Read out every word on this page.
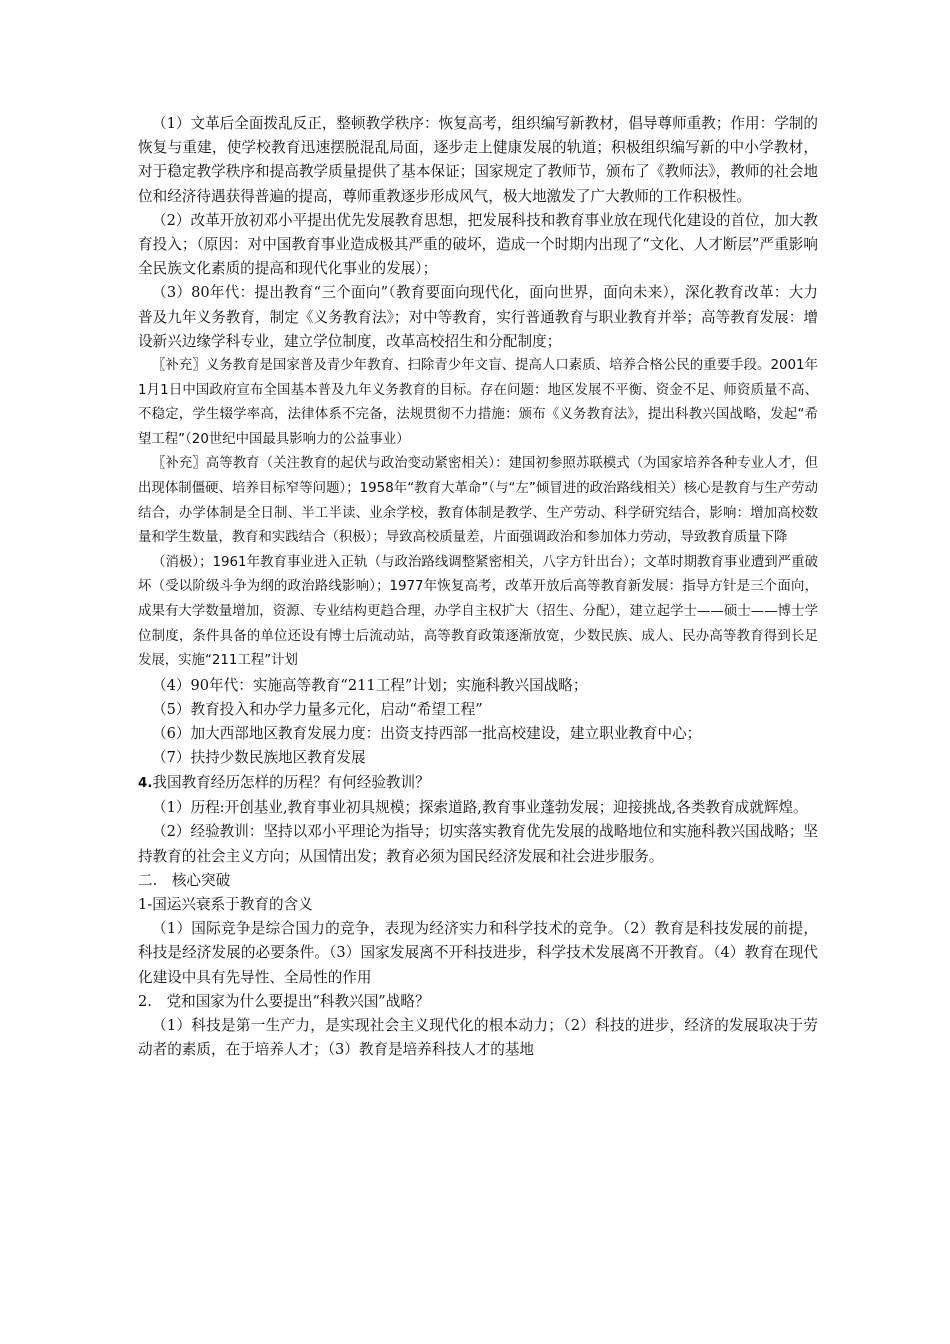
（1）文革后全面拨乱反正，整顿教学秩序：恢复高考，组织编写新教材，倡导尊师重教；作用：学制的恢复与重建，使学校教育迅速摆脱混乱局面，逐步走上健康发展的轨道；积极组织编写新的中小学教材，对于稳定教学秩序和提高教学质量提供了基本保证；国家规定了教师节，颁布了《教师法》，教师的社会地位和经济待遇获得普遍的提高，尊师重教逐步形成风气，极大地激发了广大教师的工作积极性。

（2）改革开放初邓小平提出优先发展教育思想，把发展科技和教育事业放在现代化建设的首位，加大教育投入；（原因：对中国教育事业造成极其严重的破坏，造成一个时期内出现了“文化、人才断层”严重影响全民族文化素质的提高和现代化事业的发展）；

（3）80年代：提出教育“三个面向”（教育要面向现代化，面向世界，面向未来），深化教育改革：大力普及九年义务教育，制定《义务教育法》；对中等教育，实行普通教育与职业教育并举；高等教育发展：增设新兴边缘学科专业，建立学位制度，改革高校招生和分配制度；

〖补充〗义务教育是国家普及青少年教育、扫除青少年文盲、提高人口素质、培养合格公民的重要手段。2001年1月1日中国政府宣布全国基本普及九年义务教育的目标。存在问题：地区发展不平衡、资金不足、师资质量不高、不稳定，学生辍学率高，法律体系不完备，法规贯彻不力措施：颁布《义务教育法》，提出科教兴国战略，发起“希望工程”（20世纪中国最具影响力的公益事业）

〖补充〗高等教育（关注教育的起伏与政治变动紧密相关）：建国初参照苏联模式（为国家培养各种专业人才，但出现体制僵硬、培养目标窄等问题）；1958年“教育大革命”（与“左”倾冒进的政治路线相关）核心是教育与生产劳动结合，办学体制是全日制、半工半读、业余学校，教育体制是教学、生产劳动、科学研究结合，影响：增加高校数量和学生数量，教育和实践结合（积极）；导致高校质量差，片面强调政治和参加体力劳动，导致教育质量下降

（消极）；1961年教育事业进入正轨（与政治路线调整紧密相关，八字方针出台）；文革时期教育事业遭到严重破坏（受以阶级斗争为纲的政治路线影响）；1977年恢复高考，改革开放后高等教育新发展：指导方针是三个面向，成果有大学数量增加，资源、专业结构更趋合理，办学自主权扩大（招生、分配），建立起学士——硕士——博士学位制度，条件具备的单位还设有博士后流动站，高等教育政策逐渐放宽，少数民族、成人、民办高等教育得到长足发展，实施“211工程”计划

（4）90年代：实施高等教育“211工程”计划；实施科教兴国战略；

（5）教育投入和办学力量多元化，启动“希望工程”

（6）加大西部地区教育发展力度：出资支持西部一批高校建设，建立职业教育中心；

（7）扶持少数民族地区教育发展

4.我国教育经历怎样的历程？有何经验教训？

（1）历程:开创基业,教育事业初具规模；探索道路,教育事业蓬勃发展；迎接挑战,各类教育成就辉煌。

（2）经验教训：坚持以邓小平理论为指导；切实落实教育优先发展的战略地位和实施科教兴国战略；坚持教育的社会主义方向；从国情出发；教育必须为国民经济发展和社会进步服务。

二.　核心突破

1-国运兴衰系于教育的含义

（1）国际竞争是综合国力的竞争，表现为经济实力和科学技术的竞争。（2）教育是科技发展的前提，科技是经济发展的必要条件。（3）国家发展离不开科技进步，科学技术发展离不开教育。（4）教育在现代化建设中具有先导性、全局性的作用

2.　党和国家为什么要提出“科教兴国”战略？

（1）科技是第一生产力，是实现社会主义现代化的根本动力；（2）科技的进步，经济的发展取决于劳动者的素质，在于培养人才；（3）教育是培养科技人才的基地
